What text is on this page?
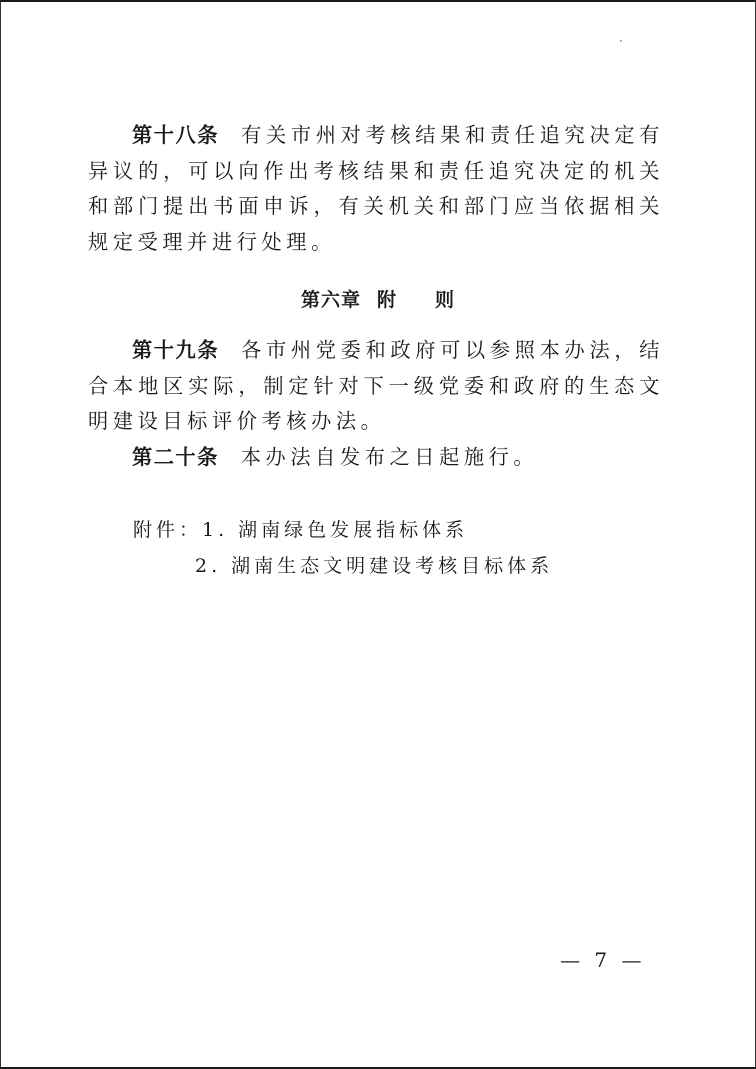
第十八条 有关市州对考核结果和责任追究决定有异议的，可以向作出考核结果和责任追究决定的机关和部门提出书面申诉，有关机关和部门应当依据相关规定受理并进行处理。

第六章 附 则

第十九条 各市州党委和政府可以参照本办法，结合本地区实际，制定针对下一级党委和政府的生态文明建设目标评价考核办法。

第二十条 本办法自发布之日起施行。

附件：1. 湖南绿色发展指标体系
2. 湖南生态文明建设考核目标体系
— 7 —
